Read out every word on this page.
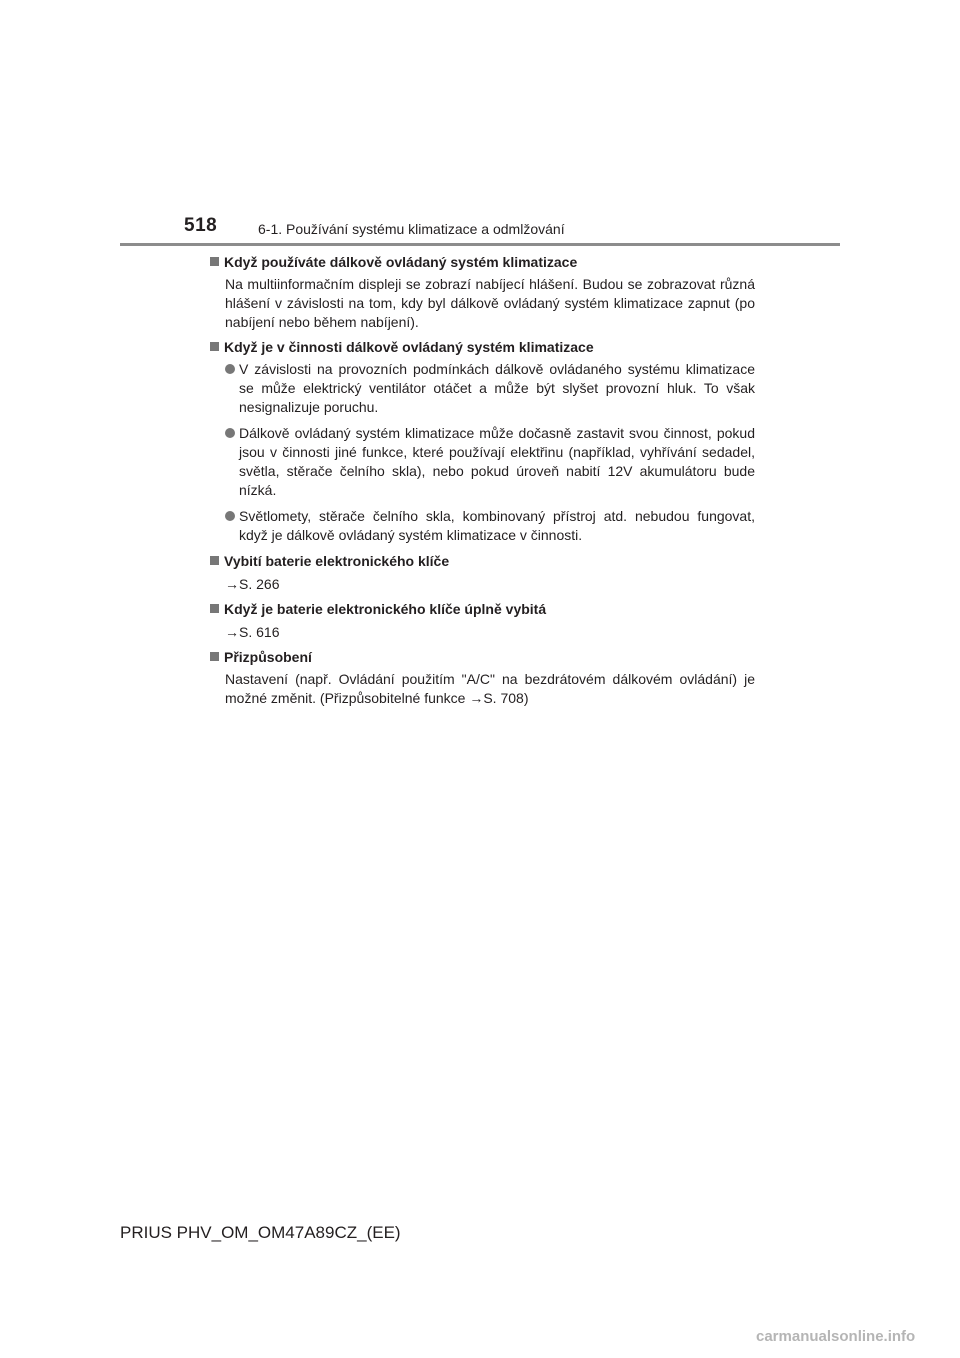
518	6-1. Používání systému klimatizace a odmlžování
Když používáte dálkově ovládaný systém klimatizace
Na multiinformačním displeji se zobrazí nabíjecí hlášení. Budou se zobrazovat různá hlášení v závislosti na tom, kdy byl dálkově ovládaný systém klimatizace zapnut (po nabíjení nebo během nabíjení).
Když je v činnosti dálkově ovládaný systém klimatizace
V závislosti na provozních podmínkách dálkově ovládaného systému klimatizace se může elektrický ventilátor otáčet a může být slyšet provozní hluk. To však nesignalizuje poruchu.
Dálkově ovládaný systém klimatizace může dočasně zastavit svou činnost, pokud jsou v činnosti jiné funkce, které používají elektřinu (například, vyhřívání sedadel, světla, stěrače čelního skla), nebo pokud úroveň nabití 12V akumulátoru bude nízká.
Světlomety, stěrače čelního skla, kombinovaný přístroj atd. nebudou fungovat, když je dálkově ovládaný systém klimatizace v činnosti.
Vybití baterie elektronického klíče
→S. 266
Když je baterie elektronického klíče úplně vybitá
→S. 616
Přizpůsobení
Nastavení (např. Ovládání použitím "A/C" na bezdrátovém dálkovém ovládání) je možné změnit. (Přizpůsobitelné funkce →S. 708)
PRIUS PHV_OM_OM47A89CZ_(EE)
carmanualsonline.info
